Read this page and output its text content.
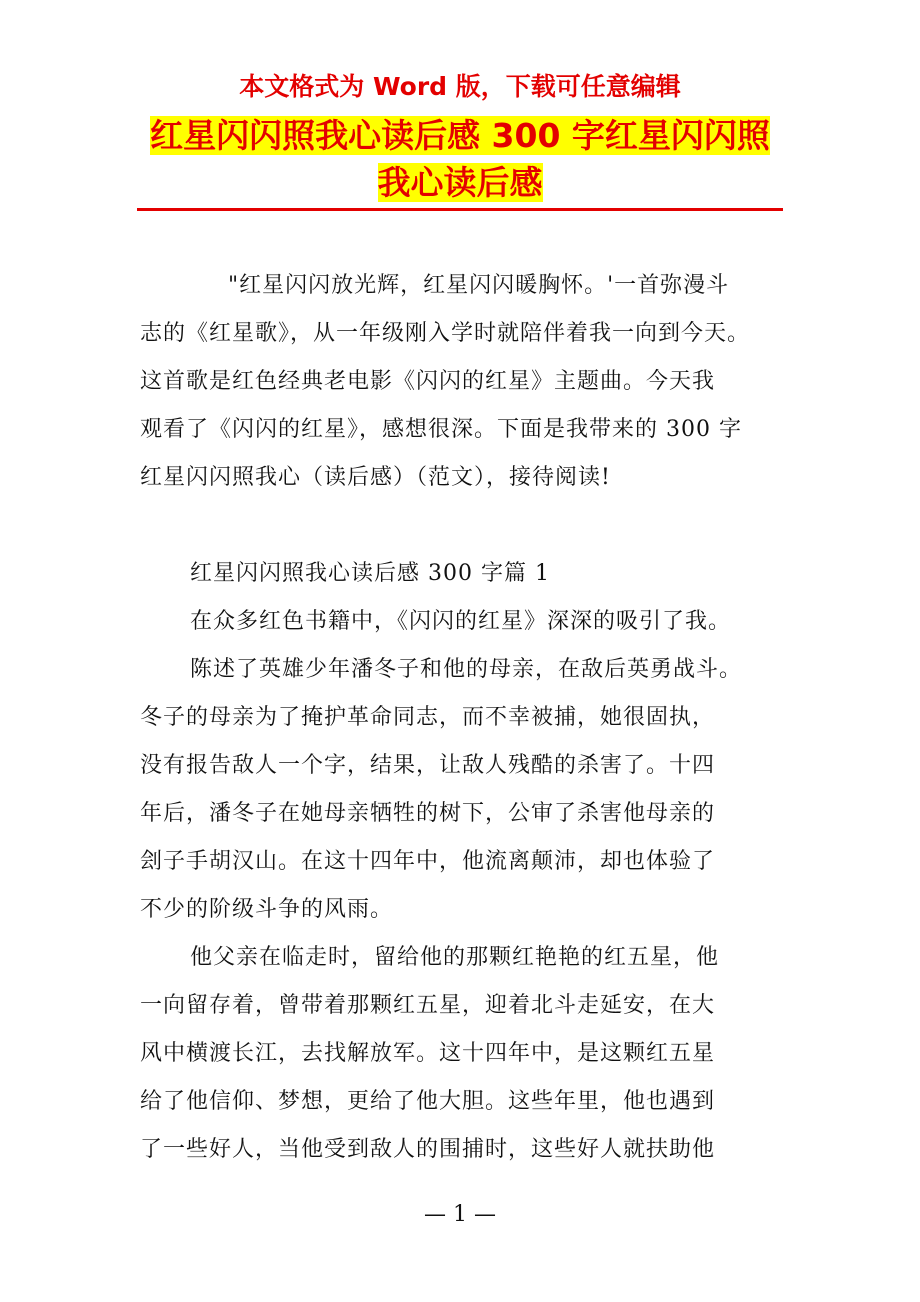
本文格式为 Word 版，下载可任意编辑
红星闪闪照我心读后感 300 字红星闪闪照
我心读后感
"红星闪闪放光辉，红星闪闪暖胸怀。'一首弥漫斗
志的《红星歌》，从一年级刚入学时就陪伴着我一向到今天。
这首歌是红色经典老电影《闪闪的红星》主题曲。今天我
观看了《闪闪的红星》，感想很深。下面是我带来的 300 字
红星闪闪照我心（读后感）（范文），接待阅读!
红星闪闪照我心读后感 300 字篇 1
在众多红色书籍中，《闪闪的红星》深深的吸引了我。
陈述了英雄少年潘冬子和他的母亲，在敌后英勇战斗。
冬子的母亲为了掩护革命同志，而不幸被捕，她很固执，
没有报告敌人一个字，结果，让敌人残酷的杀害了。十四
年后，潘冬子在她母亲牺牲的树下，公审了杀害他母亲的
刽子手胡汉山。在这十四年中，他流离颠沛，却也体验了
不少的阶级斗争的风雨。
他父亲在临走时，留给他的那颗红艳艳的红五星，他
一向留存着，曾带着那颗红五星，迎着北斗走延安，在大
风中横渡长江，去找解放军。这十四年中，是这颗红五星
给了他信仰、梦想，更给了他大胆。这些年里，他也遇到
了一些好人，当他受到敌人的围捕时，这些好人就扶助他
— 1 —
